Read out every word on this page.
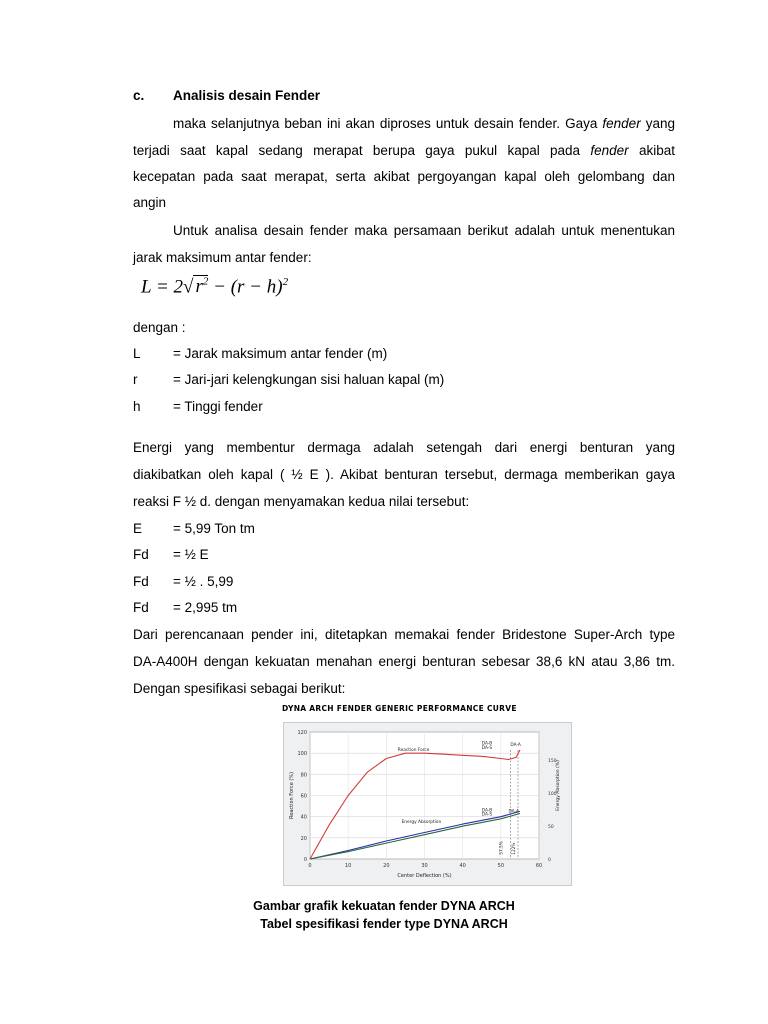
c. Analisis desain Fender
maka selanjutnya beban ini akan diproses untuk desain fender. Gaya fender yang
terjadi saat kapal sedang merapat berupa gaya pukul kapal pada fender akibat
kecepatan pada saat merapat, serta akibat pergoyangan kapal oleh gelombang dan
angin
Untuk analisa desain fender maka persamaan berikut adalah untuk menentukan
jarak maksimum antar fender:
L = 2√ $r^2 - (r - h)^2$
dengan :
L = Jarak maksimum antar fender (m)
r	= Jari-jari kelengkungan sisi haluan kapal (m)
h = Tinggi fender
Energi yang membentur dermaga adalah setengah dari energi benturan yang
diakibatkan oleh kapal ( ½ E ). Akibat benturan tersebut, dermaga memberikan gaya
reaksi F ½ d. dengan menyamakan kedua nilai tersebut:
E = 5,99 Ton tm
Fd = ½ E
Fd = ½ . 5,99
Fd = 2,995 tm
Dari perencanaan pender ini, ditetapkan memakai fender Bridestone Super-Arch type
DA-A400H dengan kekuatan menahan energi benturan sebesar 38,6 kN atau 3,86 tm.
Dengan spesifikasi sebagai berikut:
DYNA ARCH FENDER GENERIC PERFORMANCE CURVE
0
20
40
60
80
100
120
0	10	20	30	40	50	60
0
50
100
150
Center Deflection (%)
Reaction Force (%)	Energy Absorption (%)
Reaction Force
Energy Absorption
DA-B
DA-S
DA-A
DA-B
DA-S
DA-A
57.5% 122%
Gambar grafik kekuatan fender DYNA ARCH
Tabel spesifikasi fender type DYNA ARCH
